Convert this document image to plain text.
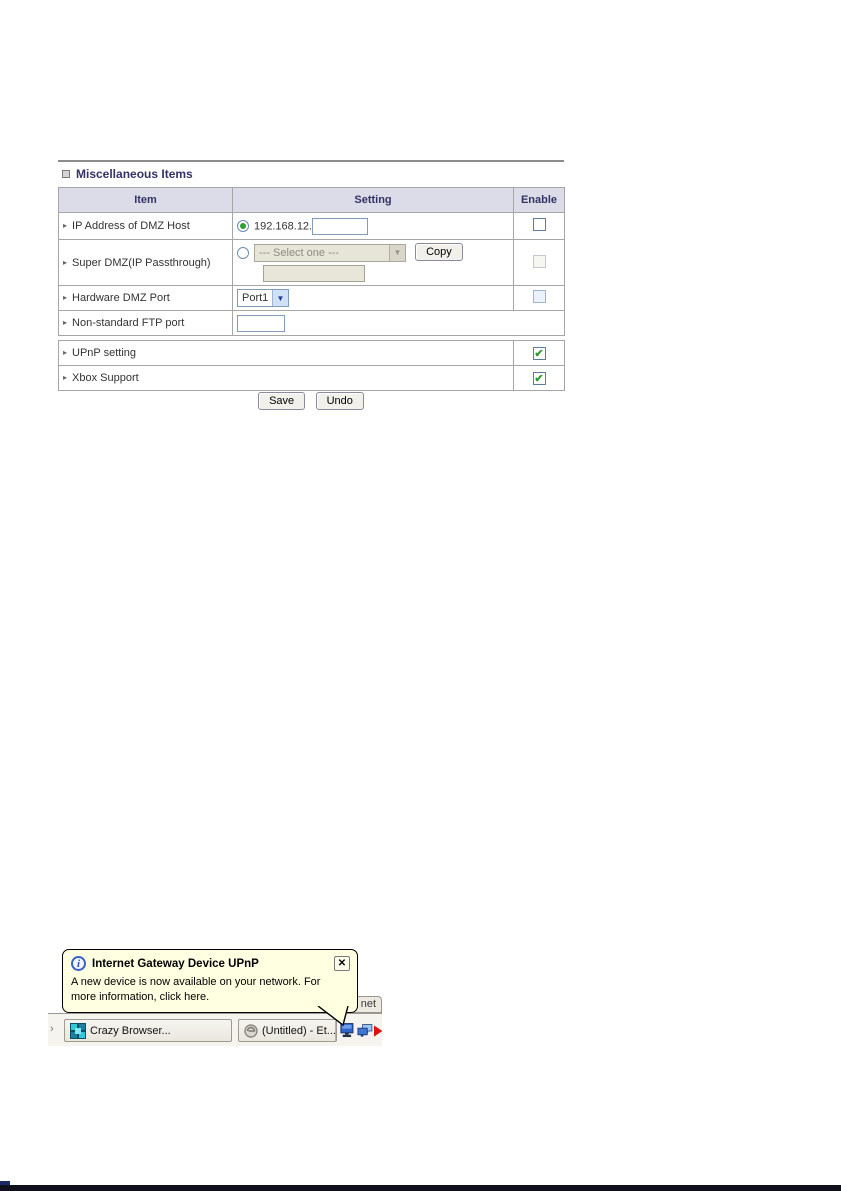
Miscellaneous Items
Item	Setting	Enable
▸ IP Address of DMZ Host	192.168.12.	
▸ Super DMZ(IP Passthrough)	--- Select one --- ▼ Copy	

▸ Hardware DMZ Port	Port1 ▼	

▸ Non-standard FTP port	
▸ UPnP setting	✔

▸ Xbox Support	✔
Save	Undo
net
›	Crazy Browser...	(Untitled) - Et...
i	Internet Gateway Device UPnP	✕
A new device is now available on your network. For more information, click here.
